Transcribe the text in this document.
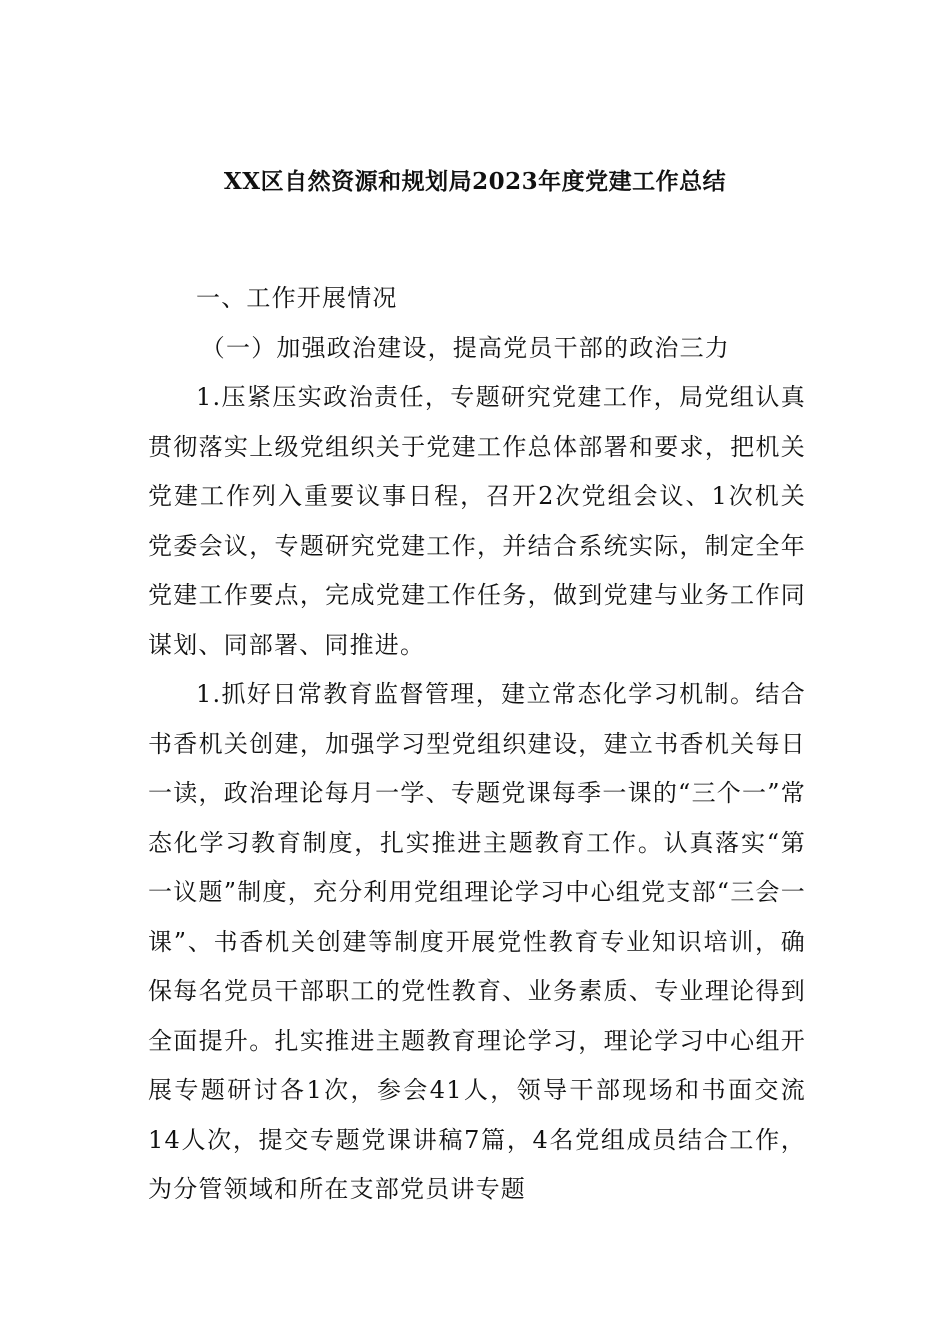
XX区自然资源和规划局2023年度党建工作总结

一、工作开展情况

（一）加强政治建设，提高党员干部的政治三力

1.压紧压实政治责任，专题研究党建工作，局党组认真贯彻落实上级党组织关于党建工作总体部署和要求，把机关党建工作列入重要议事日程，召开2次党组会议、1次机关党委会议，专题研究党建工作，并结合系统实际，制定全年党建工作要点，完成党建工作任务，做到党建与业务工作同谋划、同部署、同推进。

1.抓好日常教育监督管理，建立常态化学习机制。结合书香机关创建，加强学习型党组织建设，建立书香机关每日一读，政治理论每月一学、专题党课每季一课的“三个一”常态化学习教育制度，扎实推进主题教育工作。认真落实“第一议题”制度，充分利用党组理论学习中心组党支部“三会一课”、书香机关创建等制度开展党性教育专业知识培训，确保每名党员干部职工的党性教育、业务素质、专业理论得到全面提升。扎实推进主题教育理论学习，理论学习中心组开展专题研讨各1次，参会41人，领导干部现场和书面交流14人次，提交专题党课讲稿7篇，4名党组成员结合工作，为分管领域和所在支部党员讲专题
